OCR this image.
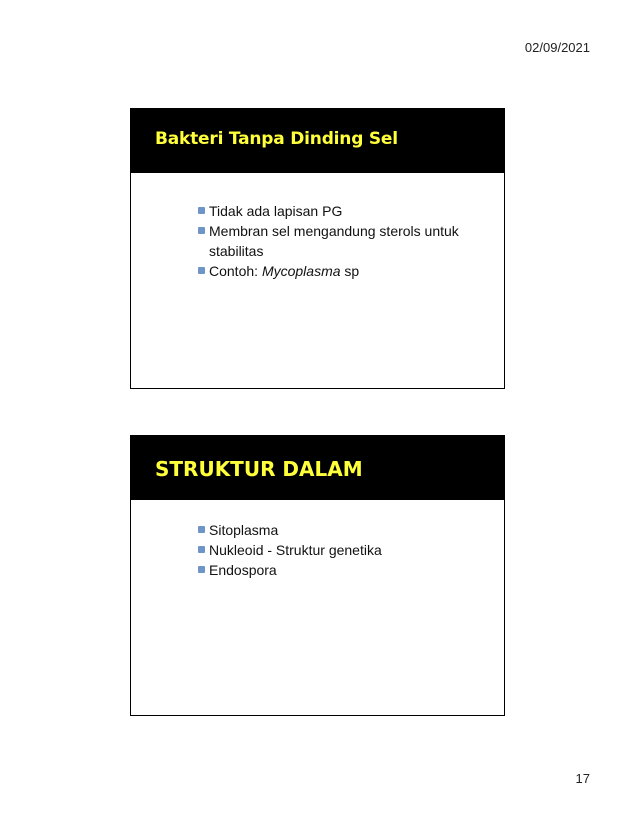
02/09/2021
Bakteri Tanpa Dinding Sel
Tidak ada lapisan PG
Membran sel mengandung sterols untuk stabilitas
Contoh: Mycoplasma sp
STRUKTUR DALAM
Sitoplasma
Nukleoid - Struktur genetika
Endospora
17
